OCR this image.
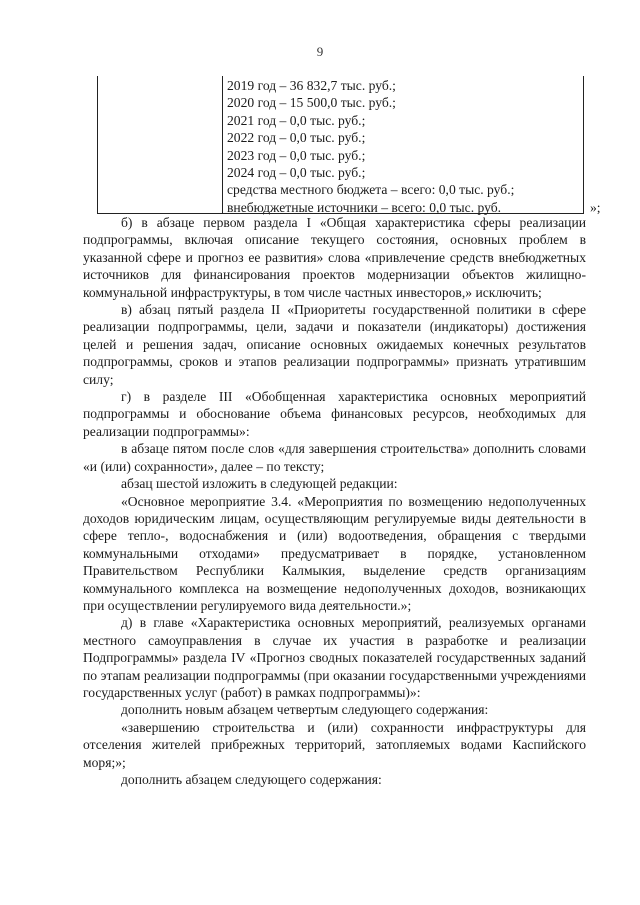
9
2019 год – 36 832,7 тыс. руб.;
2020 год – 15 500,0 тыс. руб.;
2021 год – 0,0 тыс. руб.;
2022 год – 0,0 тыс. руб.;
2023 год – 0,0 тыс. руб.;
2024 год – 0,0 тыс. руб.;
средства местного бюджета – всего: 0,0 тыс. руб.;
внебюджетные источники – всего: 0,0 тыс. руб.	»;

б) в абзаце первом раздела I «Общая характеристика сферы реализации подпрограммы, включая описание текущего состояния, основных проблем в указанной сфере и прогноз ее развития» слова «привлечение средств внебюджетных источников для финансирования проектов модернизации объектов жилищно-коммунальной инфраструктуры, в том числе частных инвесторов,» исключить;

в) абзац пятый раздела II «Приоритеты государственной политики в сфере реализации подпрограммы, цели, задачи и показатели (индикаторы) достижения целей и решения задач, описание основных ожидаемых конечных результатов подпрограммы, сроков и этапов реализации подпрограммы» признать утратившим силу;

г) в разделе III «Обобщенная характеристика основных мероприятий подпрограммы и обоснование объема финансовых ресурсов, необходимых для реализации подпрограммы»:

в абзаце пятом после слов «для завершения строительства» дополнить словами «и (или) сохранности», далее – по тексту;

абзац шестой изложить в следующей редакции:

«Основное мероприятие 3.4. «Мероприятия по возмещению недополученных доходов юридическим лицам, осуществляющим регулируемые виды деятельности в сфере тепло-, водоснабжения и (или) водоотведения, обращения с твердыми коммунальными отходами» предусматривает в порядке, установленном Правительством Республики Калмыкия, выделение средств организациям коммунального комплекса на возмещение недополученных доходов, возникающих при осуществлении регулируемого вида деятельности.»;

д) в главе «Характеристика основных мероприятий, реализуемых органами местного самоуправления в случае их участия в разработке и реализации Подпрограммы» раздела IV «Прогноз сводных показателей государственных заданий по этапам реализации подпрограммы (при оказании государственными учреждениями государственных услуг (работ) в рамках подпрограммы)»:

дополнить новым абзацем четвертым следующего содержания:

«завершению строительства и (или) сохранности инфраструктуры для отселения жителей прибрежных территорий, затопляемых водами Каспийского моря;»;

дополнить абзацем следующего содержания:
